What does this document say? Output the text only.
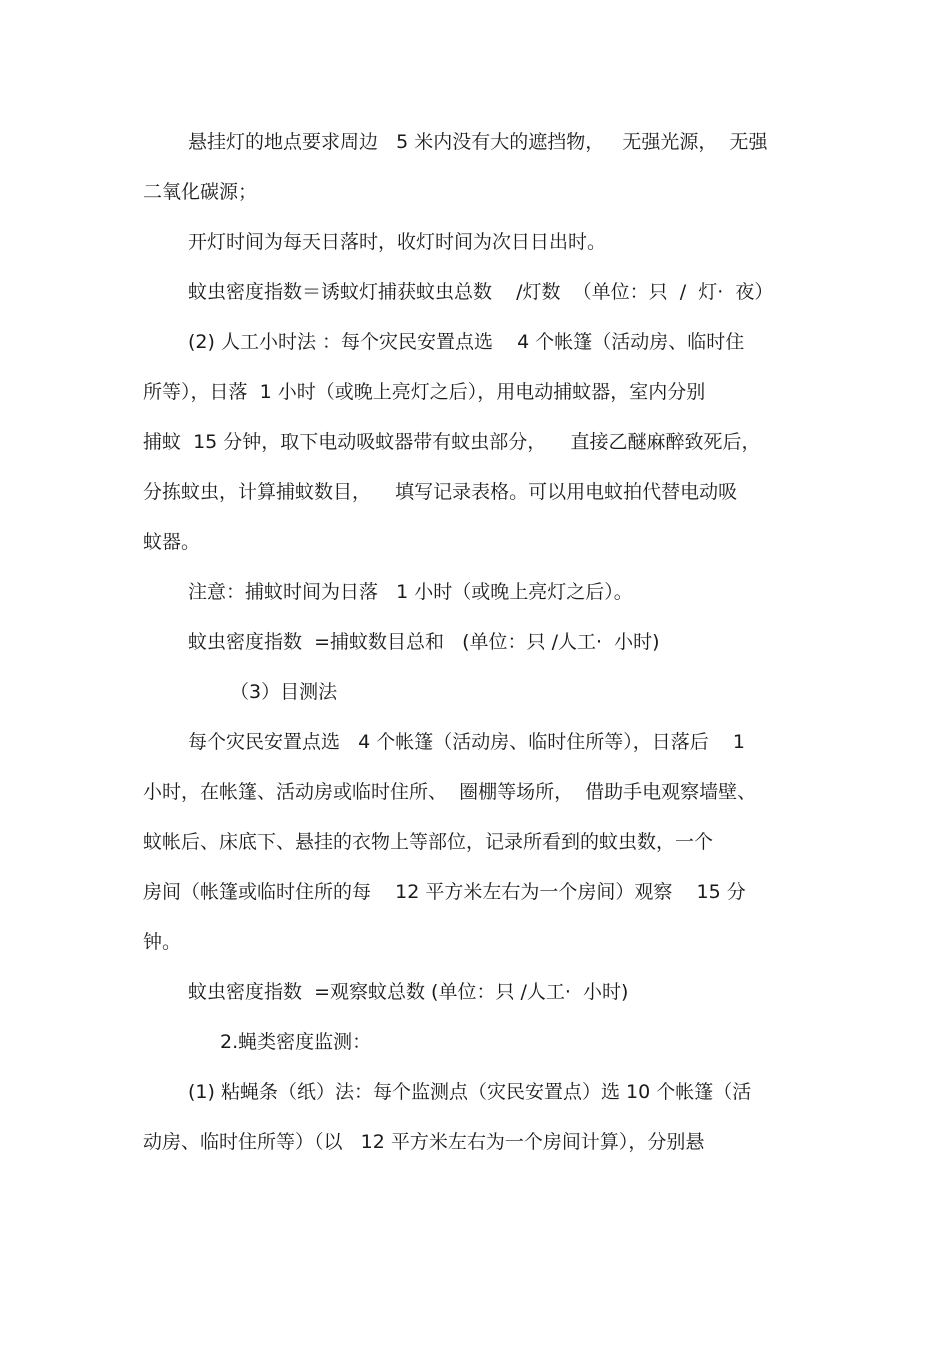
悬挂灯的地点要求周边   5 米内没有大的遮挡物，   无强光源，  无强
二氧化碳源；
开灯时间为每天日落时，收灯时间为次日日出时。
蚊虫密度指数＝诱蚊灯捕获蚊虫总数    /灯数  （单位：只  /  灯·  夜）
(2) 人工小时法 ：每个灾民安置点选    4 个帐篷（活动房、临时住
所等），日落  1 小时（或晚上亮灯之后），用电动捕蚊器，室内分别
捕蚊  15 分钟，取下电动吸蚊器带有蚊虫部分，    直接乙醚麻醉致死后，
分拣蚊虫，计算捕蚊数目，    填写记录表格。可以用电蚊拍代替电动吸
蚊器。
注意：捕蚊时间为日落   1 小时（或晚上亮灯之后）。
蚊虫密度指数  =捕蚊数目总和   (单位：只 /人工·  小时)
（3）目测法
每个灾民安置点选   4 个帐篷（活动房、临时住所等），日落后    1
小时，在帐篷、活动房或临时住所、  圈棚等场所，  借助手电观察墙壁、
蚊帐后、床底下、悬挂的衣物上等部位，记录所看到的蚊虫数，一个
房间（帐篷或临时住所的每    12 平方米左右为一个房间）观察    15 分
钟。
蚊虫密度指数  =观察蚊总数 (单位：只 /人工·  小时)
2.蝇类密度监测：
(1) 粘蝇条（纸）法：每个监测点（灾民安置点）选 10 个帐篷（活
动房、临时住所等）（以   12 平方米左右为一个房间计算），分别悬
